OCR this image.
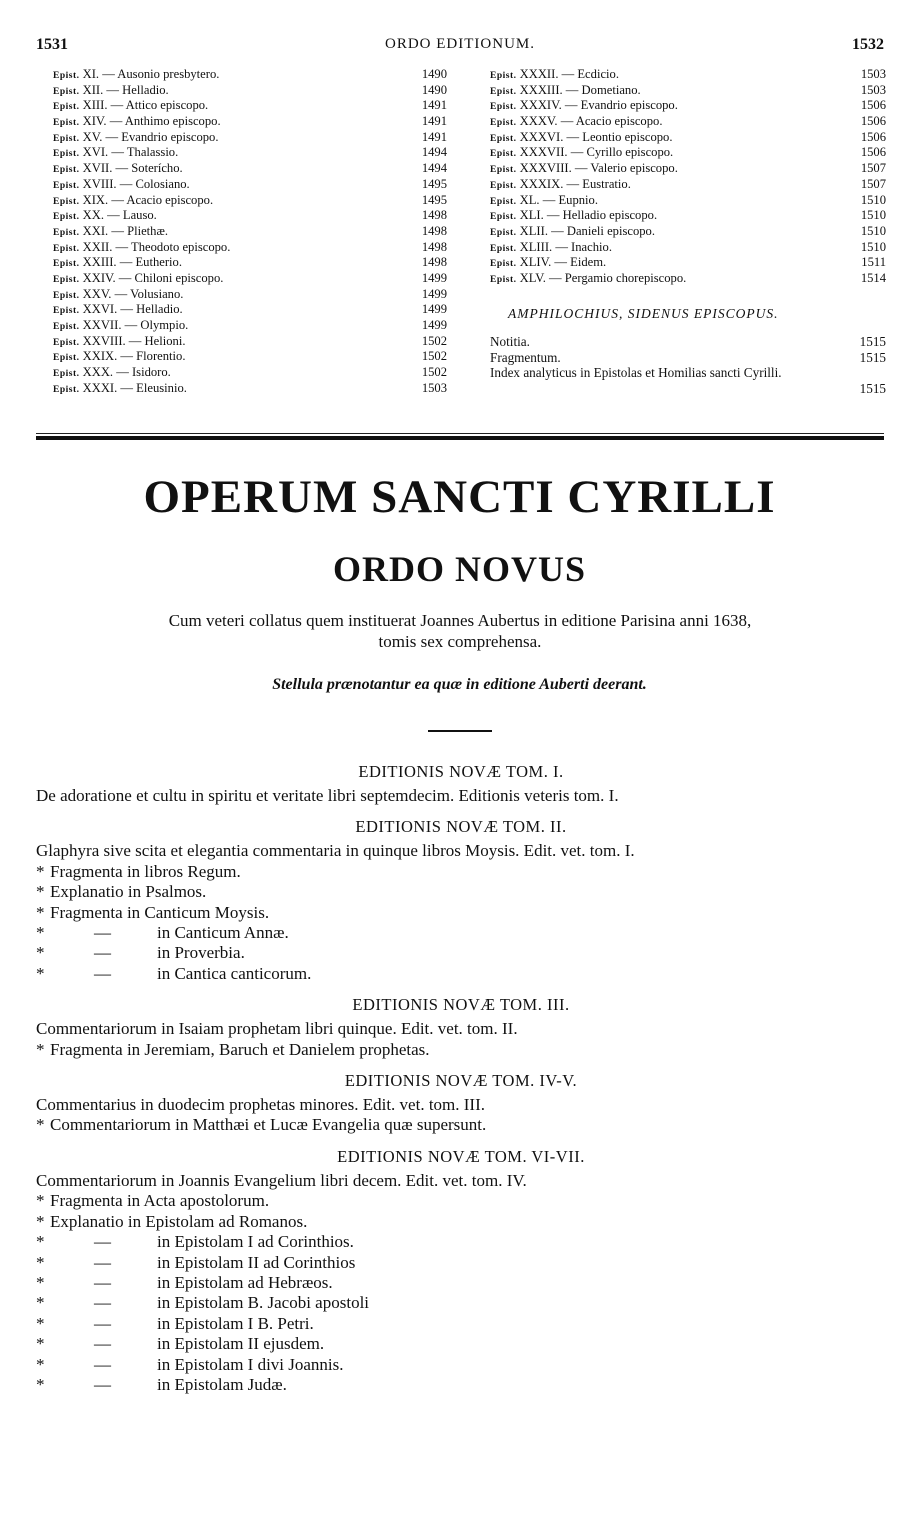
1531	ORDO EDITIONUM.	1532
Epist. XI. — Ausonio presbytero.	1490
Epist. XII. — Helladio.	1490
Epist. XIII. — Attico episcopo.	1491
Epist. XIV. — Anthimo episcopo.	1491
Epist. XV. — Evandrio episcopo.	1491
Epist. XVI. — Thalassio.	1494
Epist. XVII. — Soterícho.	1494
Epist. XVIII. — Colosiano.	1495
Epist. XIX. — Acacio episcopo.	1495
Epist. XX. — Lauso.	1498
Epist. XXI. — Pliethæ.	1498
Epist. XXII. — Theodoto episcopo.	1498
Epist. XXIII. — Eutherio.	1498
Epist. XXIV. — Chiloni episcopo.	1499
Epist. XXV. — Volusiano.	1499
Epist. XXVI. — Helladio.	1499
Epist. XXVII. — Olympio.	1499
Epist. XXVIII. — Helioni.	1502
Epist. XXIX. — Florentio.	1502
Epist. XXX. — Isidoro.	1502
Epist. XXXI. — Eleusinio.	1503
Epist. XXXII. — Ecdicio.	1503
Epist. XXXIII. — Dometiano.	1503
Epist. XXXIV. — Evandrio episcopo.	1506
Epist. XXXV. — Acacio episcopo.	1506
Epist. XXXVI. — Leontio episcopo.	1506
Epist. XXXVII. — Cyrillo episcopo.	1506
Epist. XXXVIII. — Valerio episcopo.	1507
Epist. XXXIX. — Eustratio.	1507
Epist. XL. — Eupnio.	1510
Epist. XLI. — Helladio episcopo.	1510
Epist. XLII. — Danieli episcopo.	1510
Epist. XLIII. — Inachio.	1510
Epist. XLIV. — Eidem.	1511
Epist. XLV. — Pergamio chorepiscopo.	1514
AMPHILOCHIUS, SIDENUS EPISCOPUS.
Notitia.	1515
Fragmentum.	1515
Index analyticus in Epistolas et Homilias sancti Cyrilli.
1515
OPERUM SANCTI CYRILLI
ORDO NOVUS
Cum veteri collatus quem instituerat Joannes Aubertus in editione Parisina anni 1638,
tomis sex comprehensa.
Stellula prænotantur ea quæ in editione Auberti deerant.
EDITIONIS NOVÆ TOM. I.
De adoratione et cultu in spiritu et veritate libri septemdecim. Editionis veteris tom. I.
EDITIONIS NOVÆ TOM. II.
Glaphyra sive scita et elegantia commentaria in quinque libros Moysis. Edit. vet. tom. I.
* Fragmenta in libros Regum.
* Explanatio in Psalmos.
* Fragmenta in Canticum Moysis.
*	—	in Canticum Annæ.
*	—	in Proverbia.
*	—	in Cantica canticorum.
EDITIONIS NOVÆ TOM. III.
Commentariorum in Isaiam prophetam libri quinque. Edit. vet. tom. II.
* Fragmenta in Jeremiam, Baruch et Danielem prophetas.
EDITIONIS NOVÆ TOM. IV-V.
Commentarius in duodecim prophetas minores. Edit. vet. tom. III.
* Commentariorum in Matthæi et Lucæ Evangelia quæ supersunt.
EDITIONIS NOVÆ TOM. VI-VII.
Commentariorum in Joannis Evangelium libri decem. Edit. vet. tom. IV.
* Fragmenta in Acta apostolorum.
* Explanatio in Epistolam ad Romanos.
*	—	in Epistolam I ad Corinthios.
*	—	in Epistolam II ad Corinthios
*	—	in Epistolam ad Hebræos.
*	—	in Epistolam B. Jacobi apostoli
*	—	in Epistolam I B. Petri.
*	—	in Epistolam II ejusdem.
*	—	in Epistolam I divi Joannis.
*	—	in Epistolam Judæ.
